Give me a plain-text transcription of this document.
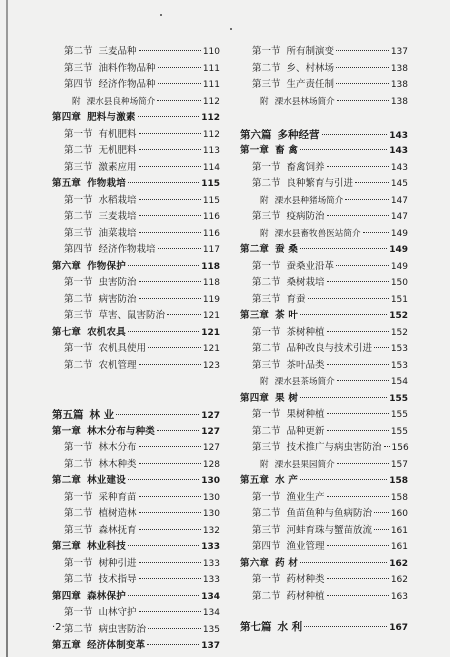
第二节 三麦品种	110
第三节 油料作物品种	111
第四节 经济作物品种	111
附 溧水县良种场简介	112
第四章 肥料与激素	112
第一节 有机肥料	112
第二节 无机肥料	113
第三节 激素应用	114
第五章 作物栽培	115
第一节 水稻栽培	115
第二节 三麦栽培	116
第三节 油菜栽培	116
第四节 经济作物栽培	117
第六章 作物保护	118
第一节 虫害防治	118
第二节 病害防治	119
第三节 草害、鼠害防治	121
第七章 农机农具	121
第一节 农机具使用	121
第二节 农机管理	123
第五篇 林 业	127
第一章 林木分布与种类	127
第一节 林木分布	127
第二节 林木种类	128
第二章 林业建设	130
第一节 采种育苗	130
第二节 植树造林	130
第三节 森林抚育	132
第三章 林业科技	133
第一节 树种引进	133
第二节 技术指导	133
第四章 森林保护	134
第一节 山林守护	134
第二节 病虫害防治	135
第五章 经济体制变革	137
第一节 所有制演变	137
第二节 乡、村林场	138
第三节 生产责任制	138
附 溧水县林场简介	138
第六篇 多种经营	143
第一章 畜 禽	143
第一节 畜禽饲养	143
第二节 良种繁育与引进	145
附 溧水县种猪场简介	147
第三节 疫病防治	147
附 溧水县畜牧兽医站简介	149
第二章 蚕 桑	149
第一节 蚕桑业沿革	149
第二节 桑树栽培	150
第三节 育蚕	151
第三章 茶 叶	152
第一节 茶树种植	152
第二节 品种改良与技术引进 153
第三节 茶叶品类	153
附 溧水县茶场简介	154
第四章 果 树	155
第一节 果树种植	155
第二节 品种更新	155
第三节 技术推广与病虫害防治 156
附 溧水县果园简介	157
第五章 水 产	158
第一节 渔业生产	158
第二节 鱼苗鱼种与鱼病防治 160
第三节 河蚌育珠与蟹苗放流 161
第四节 渔业管理	161
第六章 药 材	162
第一节 药材种类	162
第二节 药材种植	163
第七篇 水 利	167
·2·
